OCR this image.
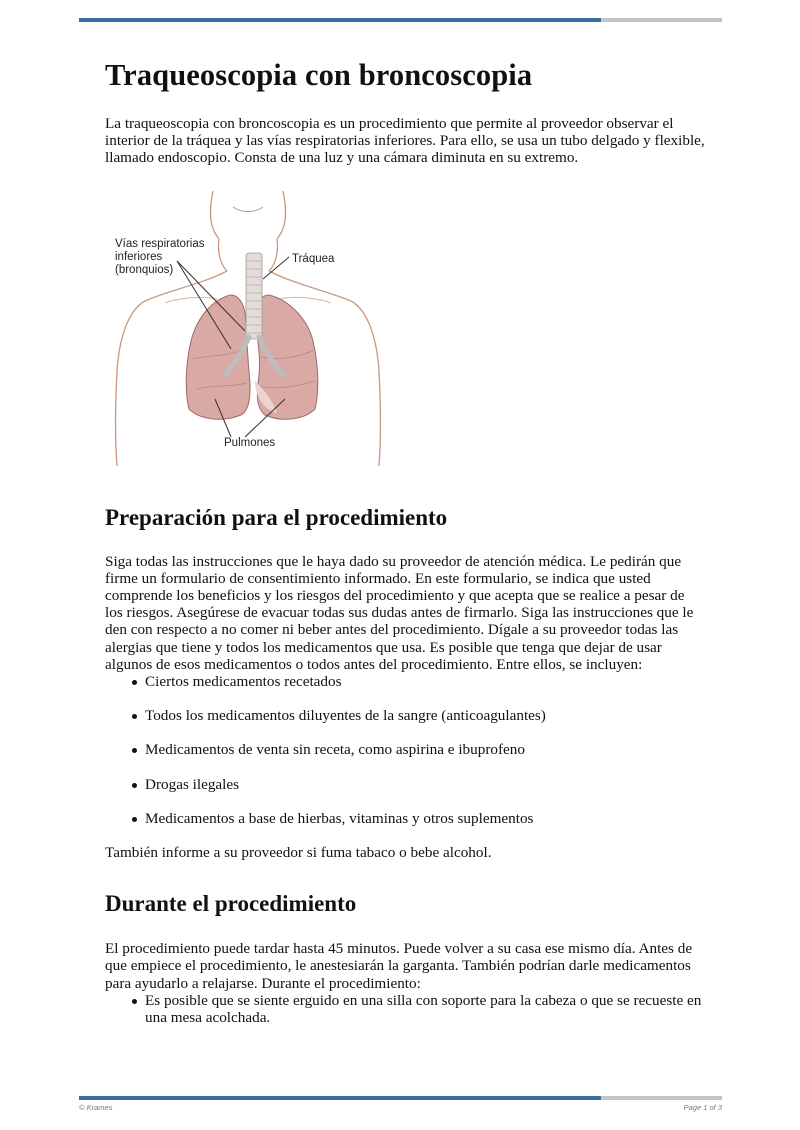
Traqueoscopia con broncoscopia

La traqueoscopia con broncoscopia es un procedimiento que permite al proveedor observar el interior de la tráquea y las vías respiratorias inferiores. Para ello, se usa un tubo delgado y flexible, llamado endoscopio. Consta de una luz y una cámara diminuta en su extremo.

Vías respiratorias
inferiores
(bronquios)
Tráquea
Pulmones
Preparación para el procedimiento

Siga todas las instrucciones que le haya dado su proveedor de atención médica. Le pedirán que firme un formulario de consentimiento informado. En este formulario, se indica que usted comprende los beneficios y los riesgos del procedimiento y que acepta que se realice a pesar de los riesgos. Asegúrese de evacuar todas sus dudas antes de firmarlo. Siga las instrucciones que le den con respecto a no comer ni beber antes del procedimiento. Dígale a su proveedor todas las alergias que tiene y todos los medicamentos que usa. Es posible que tenga que dejar de usar algunos de esos medicamentos o todos antes del procedimiento. Entre ellos, se incluyen:

Ciertos medicamentos recetados
Todos los medicamentos diluyentes de la sangre (anticoagulantes)
Medicamentos de venta sin receta, como aspirina e ibuprofeno
Drogas ilegales
Medicamentos a base de hierbas, vitaminas y otros suplementos

También informe a su proveedor si fuma tabaco o bebe alcohol.

Durante el procedimiento

El procedimiento puede tardar hasta 45 minutos. Puede volver a su casa ese mismo día. Antes de que empiece el procedimiento, le anestesiarán la garganta. También podrían darle medicamentos para ayudarlo a relajarse. Durante el procedimiento:

Es posible que se siente erguido en una silla con soporte para la cabeza o que se recueste en una mesa acolchada.
© Krames	Page 1 of 3
